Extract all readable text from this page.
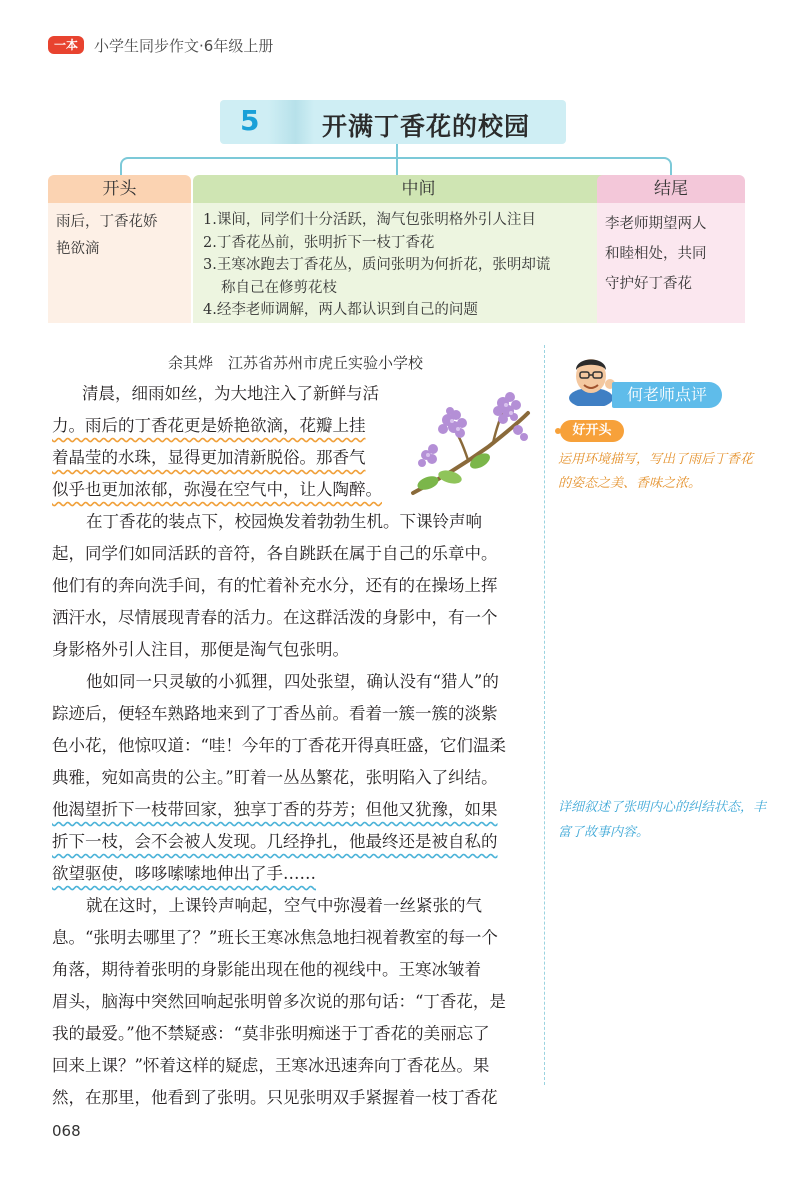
一本	小学生同步作文·6年级上册
5	开满丁香花的校园
中间
1.课间，同学们十分活跃，淘气包张明格外引人注目
2.丁香花丛前，张明折下一枝丁香花
3.王寒冰跑去丁香花丛，质问张明为何折花，张明却谎
称自己在修剪花枝
4.经李老师调解，两人都认识到自己的问题
开头
雨后，丁香花娇
艳欲滴
结尾
李老师期望两人
和睦相处，共同
守护好丁香花
余其烨　江苏省苏州市虎丘实验小学校
清晨，细雨如丝，为大地注入了新鲜与活
力。雨后的丁香花更是娇艳欲滴，花瓣上挂
着晶莹的水珠，显得更加清新脱俗。那香气
似乎也更加浓郁，弥漫在空气中，让人陶醉。
在丁香花的装点下，校园焕发着勃勃生机。下课铃声响
起，同学们如同活跃的音符，各自跳跃在属于自己的乐章中。
他们有的奔向洗手间，有的忙着补充水分，还有的在操场上挥
洒汗水，尽情展现青春的活力。在这群活泼的身影中，有一个
身影格外引人注目，那便是淘气包张明。
他如同一只灵敏的小狐狸，四处张望，确认没有“猎人”的
踪迹后，便轻车熟路地来到了丁香丛前。看着一簇一簇的淡紫
色小花，他惊叹道：“哇！今年的丁香花开得真旺盛，它们温柔
典雅，宛如高贵的公主。”盯着一丛丛繁花，张明陷入了纠结。
他渴望折下一枝带回家，独享丁香的芬芳；但他又犹豫，如果
折下一枝，会不会被人发现。几经挣扎，他最终还是被自私的
欲望驱使，哆哆嗦嗦地伸出了手……
就在这时，上课铃声响起，空气中弥漫着一丝紧张的气
息。“张明去哪里了？”班长王寒冰焦急地扫视着教室的每一个
角落，期待着张明的身影能出现在他的视线中。王寒冰皱着
眉头，脑海中突然回响起张明曾多次说的那句话：“丁香花，是
我的最爱。”他不禁疑惑：“莫非张明痴迷于丁香花的美丽忘了
回来上课？”怀着这样的疑虑，王寒冰迅速奔向丁香花丛。果
然，在那里，他看到了张明。只见张明双手紧握着一枝丁香花
何老师点评
好开头
运用环境描写，写出了雨后丁香花的姿态之美、香味之浓。
详细叙述了张明内心的纠结状态，丰富了故事内容。
068
